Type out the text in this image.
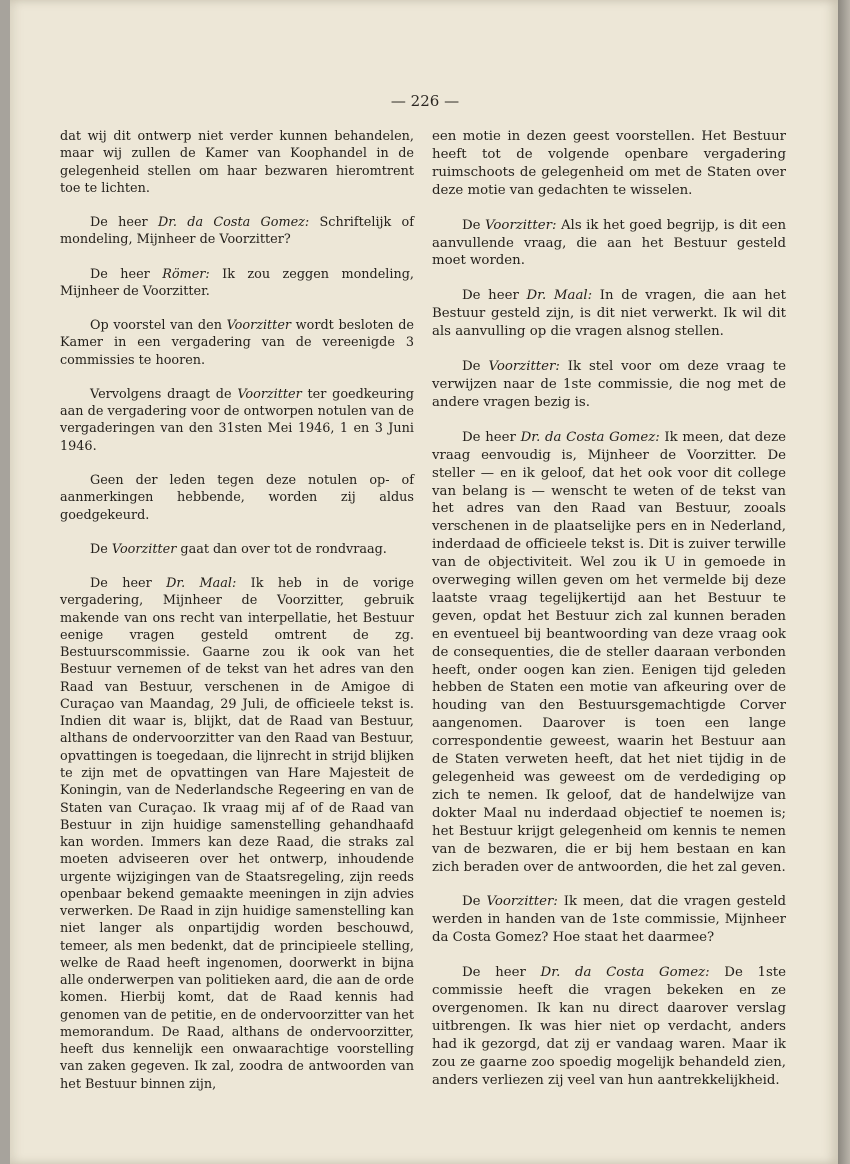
— 226 —

dat wij dit ontwerp niet verder kunnen behandelen, maar wij zullen de Kamer van Koophandel in de gelegenheid stellen om haar bezwaren hieromtrent toe te lichten.

De heer Dr. da Costa Gomez: Schriftelijk of mondeling, Mijnheer de Voorzitter?

De heer Römer: Ik zou zeggen mondeling, Mijnheer de Voorzitter.

Op voorstel van den Voorzitter wordt besloten de Kamer in een vergadering van de vereenigde 3 commissies te hooren.

Vervolgens draagt de Voorzitter ter goedkeuring aan de vergadering voor de ontworpen notulen van de vergaderingen van den 31sten Mei 1946, 1 en 3 Juni 1946.

Geen der leden tegen deze notulen op- of aanmerkingen hebbende, worden zij aldus goedgekeurd.

De Voorzitter gaat dan over tot de rondvraag.

De heer Dr. Maal: Ik heb in de vorige vergadering, Mijnheer de Voorzitter, gebruik makende van ons recht van interpellatie, het Bestuur eenige vragen gesteld omtrent de zg. Bestuurscommissie. Gaarne zou ik ook van het Bestuur vernemen of de tekst van het adres van den Raad van Bestuur, verschenen in de Amigoe di Curaçao van Maandag, 29 Juli, de officieele tekst is. Indien dit waar is, blijkt, dat de Raad van Bestuur, althans de ondervoorzitter van den Raad van Bestuur, opvattingen is toegedaan, die lijnrecht in strijd blijken te zijn met de opvattingen van Hare Majesteit de Koningin, van de Nederlandsche Regeering en van de Staten van Curaçao. Ik vraag mij af of de Raad van Bestuur in zijn huidige samenstelling gehandhaafd kan worden. Immers kan deze Raad, die straks zal moeten adviseeren over het ontwerp, inhoudende urgente wijzigingen van de Staatsregeling, zijn reeds openbaar bekend gemaakte meeningen in zijn advies verwerken. De Raad in zijn huidige samenstelling kan niet langer als onpartijdig worden beschouwd, temeer, als men bedenkt, dat de principieele stelling, welke de Raad heeft ingenomen, doorwerkt in bijna alle onderwerpen van politieken aard, die aan de orde komen. Hierbij komt, dat de Raad kennis had genomen van de petitie, en de ondervoorzitter van het memorandum. De Raad, althans de ondervoorzitter, heeft dus kennelijk een onwaarachtige voorstelling van zaken gegeven. Ik zal, zoodra de antwoorden van het Bestuur binnen zijn,

een motie in dezen geest voorstellen. Het Bestuur heeft tot de volgende openbare vergadering ruimschoots de gelegenheid om met de Staten over deze motie van gedachten te wisselen.

De Voorzitter: Als ik het goed begrijp, is dit een aanvullende vraag, die aan het Bestuur gesteld moet worden.

De heer Dr. Maal: In de vragen, die aan het Bestuur gesteld zijn, is dit niet verwerkt. Ik wil dit als aanvulling op die vragen alsnog stellen.

De Voorzitter: Ik stel voor om deze vraag te verwijzen naar de 1ste commissie, die nog met de andere vragen bezig is.

De heer Dr. da Costa Gomez: Ik meen, dat deze vraag eenvoudig is, Mijnheer de Voorzitter. De steller — en ik geloof, dat het ook voor dit college van belang is — wenscht te weten of de tekst van het adres van den Raad van Bestuur, zooals verschenen in de plaatselijke pers en in Nederland, inderdaad de officieele tekst is. Dit is zuiver terwille van de objectiviteit. Wel zou ik U in gemoede in overweging willen geven om het vermelde bij deze laatste vraag tegelijkertijd aan het Bestuur te geven, opdat het Bestuur zich zal kunnen beraden en eventueel bij beantwoording van deze vraag ook de consequenties, die de steller daaraan verbonden heeft, onder oogen kan zien. Eenigen tijd geleden hebben de Staten een motie van afkeuring over de houding van den Bestuursgemachtigde Corver aangenomen. Daarover is toen een lange correspondentie geweest, waarin het Bestuur aan de Staten verweten heeft, dat het niet tijdig in de gelegenheid was geweest om de verdediging op zich te nemen. Ik geloof, dat de handelwijze van dokter Maal nu inderdaad objectief te noemen is; het Bestuur krijgt gelegenheid om kennis te nemen van de bezwaren, die er bij hem bestaan en kan zich beraden over de antwoorden, die het zal geven.

De Voorzitter: Ik meen, dat die vragen gesteld werden in handen van de 1ste commissie, Mijnheer da Costa Gomez? Hoe staat het daarmee?

De heer Dr. da Costa Gomez: De 1ste commissie heeft die vragen bekeken en ze overgenomen. Ik kan nu direct daarover verslag uitbrengen. Ik was hier niet op verdacht, anders had ik gezorgd, dat zij er vandaag waren. Maar ik zou ze gaarne zoo spoedig mogelijk behandeld zien, anders verliezen zij veel van hun aantrekkelijkheid.
